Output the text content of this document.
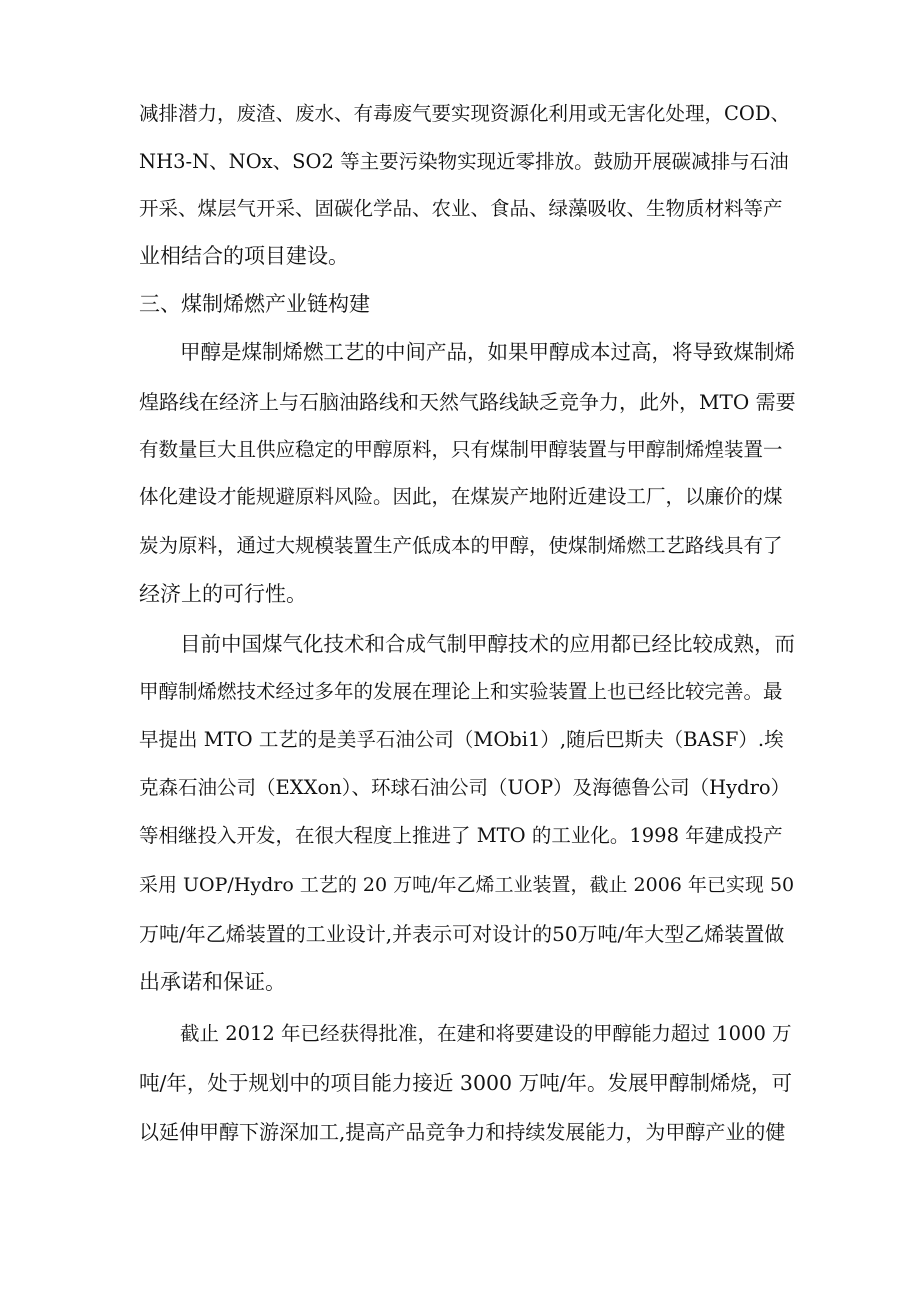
减排潜力，废渣、废水、有毒废气要实现资源化利用或无害化处理，COD、
NH3-N、NOx、SO2 等主要污染物实现近零排放。鼓励开展碳减排与石油
开采、煤层气开采、固碳化学品、农业、食品、绿藻吸收、生物质材料等产
业相结合的项目建设。
三、煤制烯燃产业链构建
甲醇是煤制烯燃工艺的中间产品，如果甲醇成本过高，将导致煤制烯
煌路线在经济上与石脑油路线和天然气路线缺乏竞争力，此外，MTO 需要
有数量巨大且供应稳定的甲醇原料，只有煤制甲醇装置与甲醇制烯煌装置一
体化建设才能规避原料风险。因此，在煤炭产地附近建设工厂，以廉价的煤
炭为原料，通过大规模装置生产低成本的甲醇，使煤制烯燃工艺路线具有了
经济上的可行性。
目前中国煤气化技术和合成气制甲醇技术的应用都已经比较成熟，而
甲醇制烯燃技术经过多年的发展在理论上和实验装置上也已经比较完善。最
早提出 MTO 工艺的是美孚石油公司（MObi1）,随后巴斯夫（BASF）.埃
克森石油公司（EXXon）、环球石油公司（UOP）及海德鲁公司（Hydro）
等相继投入开发，在很大程度上推进了 MTO 的工业化。1998 年建成投产
采用 UOP/Hydro 工艺的 20 万吨/年乙烯工业装置，截止 2006 年已实现 50
万吨/年乙烯装置的工业设计,并表示可对设计的50万吨/年大型乙烯装置做
出承诺和保证。
截止 2012 年已经获得批准，在建和将要建设的甲醇能力超过 1000 万
吨/年，处于规划中的项目能力接近 3000 万吨/年。发展甲醇制烯烧，可
以延伸甲醇下游深加工,提高产品竞争力和持续发展能力，为甲醇产业的健
